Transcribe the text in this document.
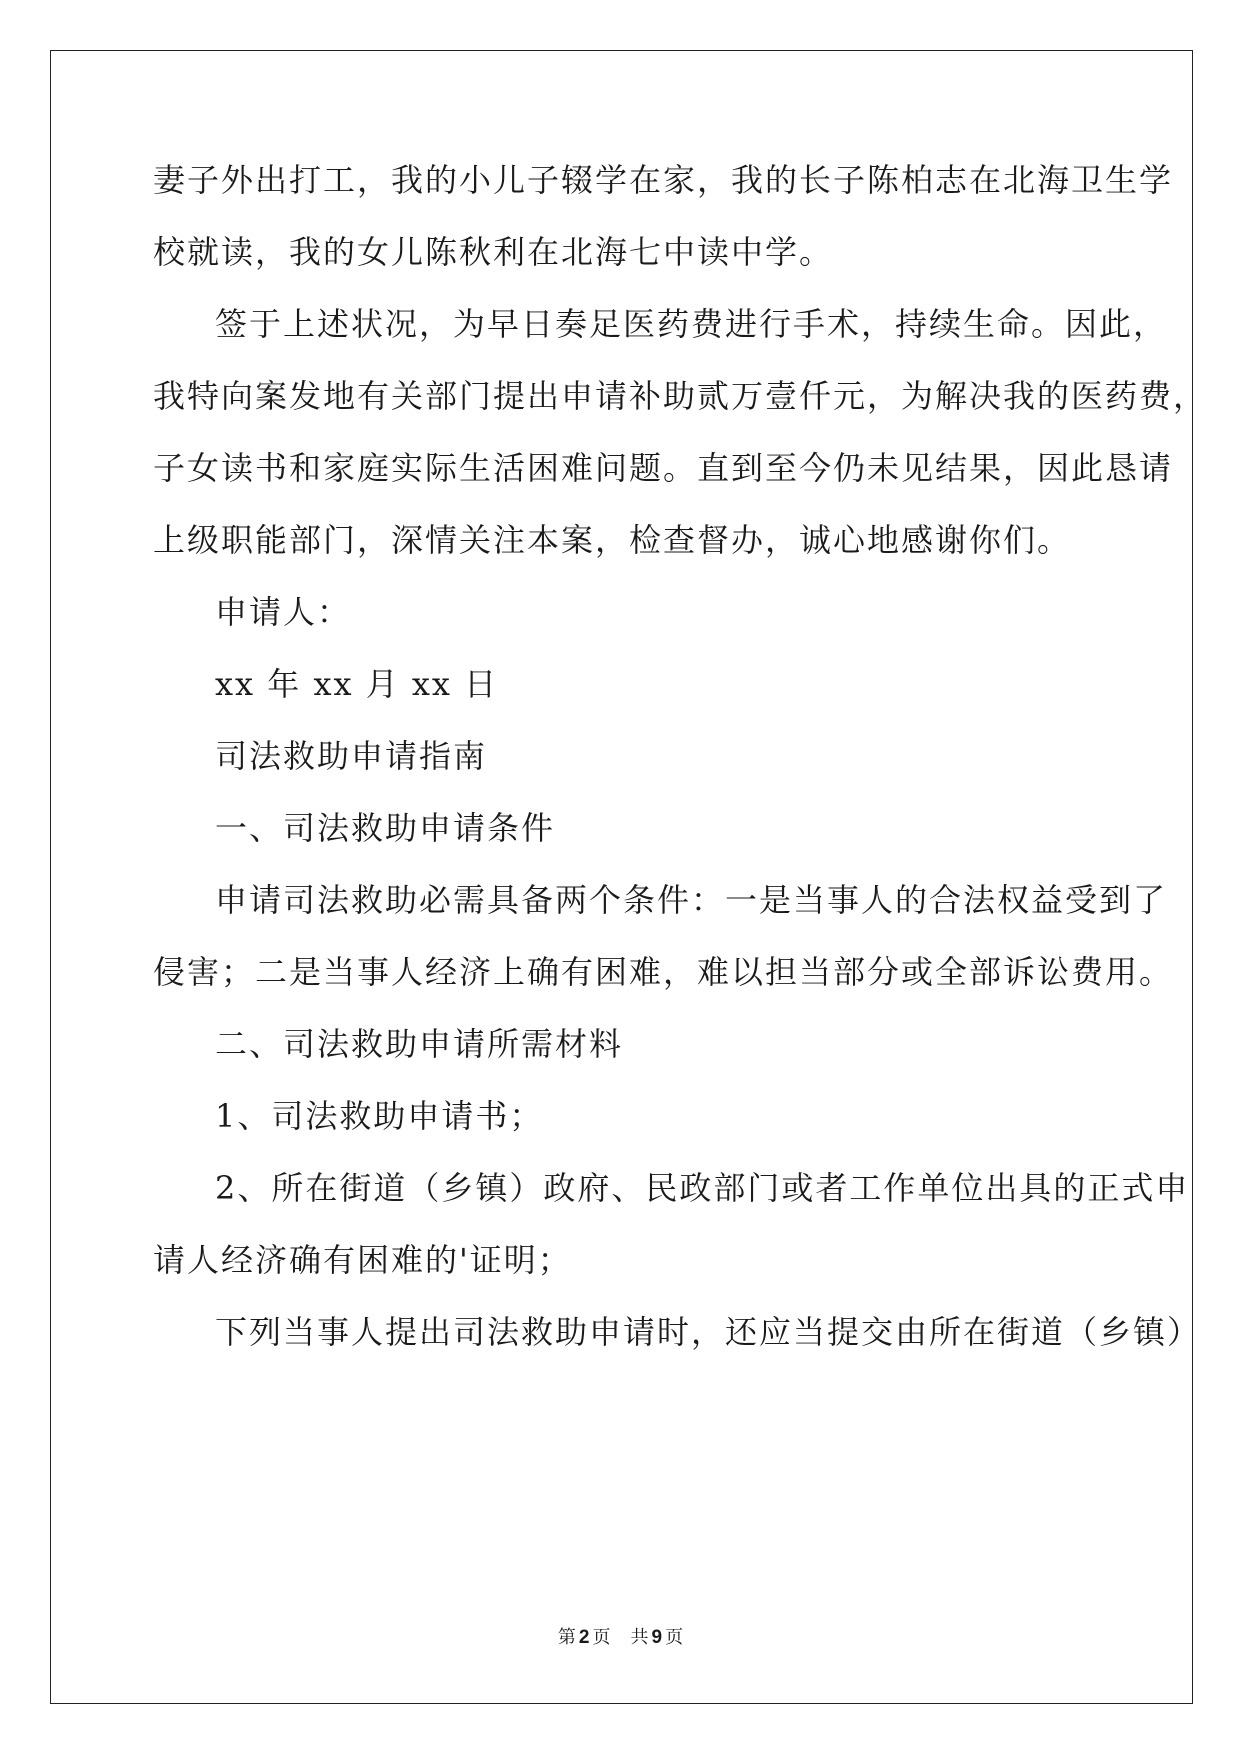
妻子外出打工，我的小儿子辍学在家，我的长子陈柏志在北海卫生学
校就读，我的女儿陈秋利在北海七中读中学。
签于上述状况，为早日奏足医药费进行手术，持续生命。因此，
我特向案发地有关部门提出申请补助贰万壹仟元，为解决我的医药费，
子女读书和家庭实际生活困难问题。直到至今仍未见结果，因此恳请
上级职能部门，深情关注本案，检查督办，诚心地感谢你们。
申请人：
xx 年 xx 月 xx 日
司法救助申请指南
一、司法救助申请条件
申请司法救助必需具备两个条件：一是当事人的合法权益受到了
侵害；二是当事人经济上确有困难，难以担当部分或全部诉讼费用。
二、司法救助申请所需材料
1、司法救助申请书；
2、所在街道（乡镇）政府、民政部门或者工作单位出具的正式申
请人经济确有困难的'证明；
下列当事人提出司法救助申请时，还应当提交由所在街道（乡镇）
第 2 页 共 9 页
